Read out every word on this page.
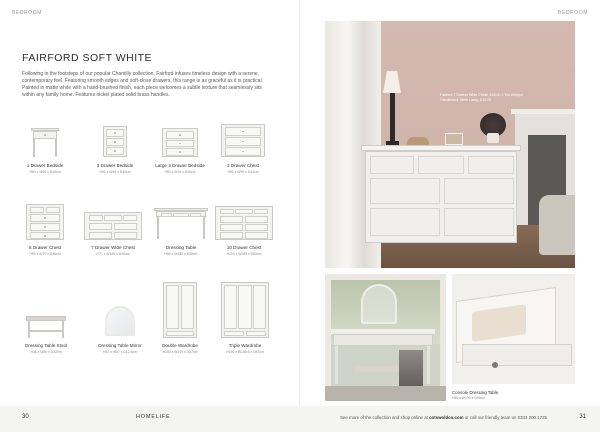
BEDROOM
FAIRFORD SOFT WHITE

Following in the footsteps of our popular Chantilly collection, Fairford infuses timeless design with a serene, contemporary feel. Featuring smooth edges and soft-close drawers, this range is as graceful as it is practical. Painted in matte white with a hand-brushed finish, each piece welcomes a subtle texture that seamlessly sits within any family home. Features nickel plated solid brass handles.

1 Drawer Bedside
H60 x W50 x D45cm
3 Drawer Bedside
H60 x W45 x D40cm
Large 3 Drawer Bedside
H60 x W76 x D40cm
3 Drawer Chest
H80 x W90 x D42cm
5 Drawer Chest
H99 x W70 x D46cm
7 Drawer Wide Chest
H77 x W140 x D46cm
Dressing Table
H80 x W130 x D46cm
10 Drawer Chest
H104 x W169 x D50cm
Dressing Table Stool
H48 x W80 x D32cm
Dressing Table Mirror
H57 x W57 x D12.5cm
Double Wardrobe
H190 x W109 x D57cm
Triple Wardrobe
H190 x W156.5 x D57cm
BEDROOM
Fairford 7 Drawer Wide Chest, £45.00 2 Tile Antique Candlestick Table Lamp, £19.00
Console Dressing Table
H80 x W130 x D46cm
30	HOMELIFE	See more of the collection and shop online at cotswoldco.com or call our friendly team on 0333 200 1725	31
